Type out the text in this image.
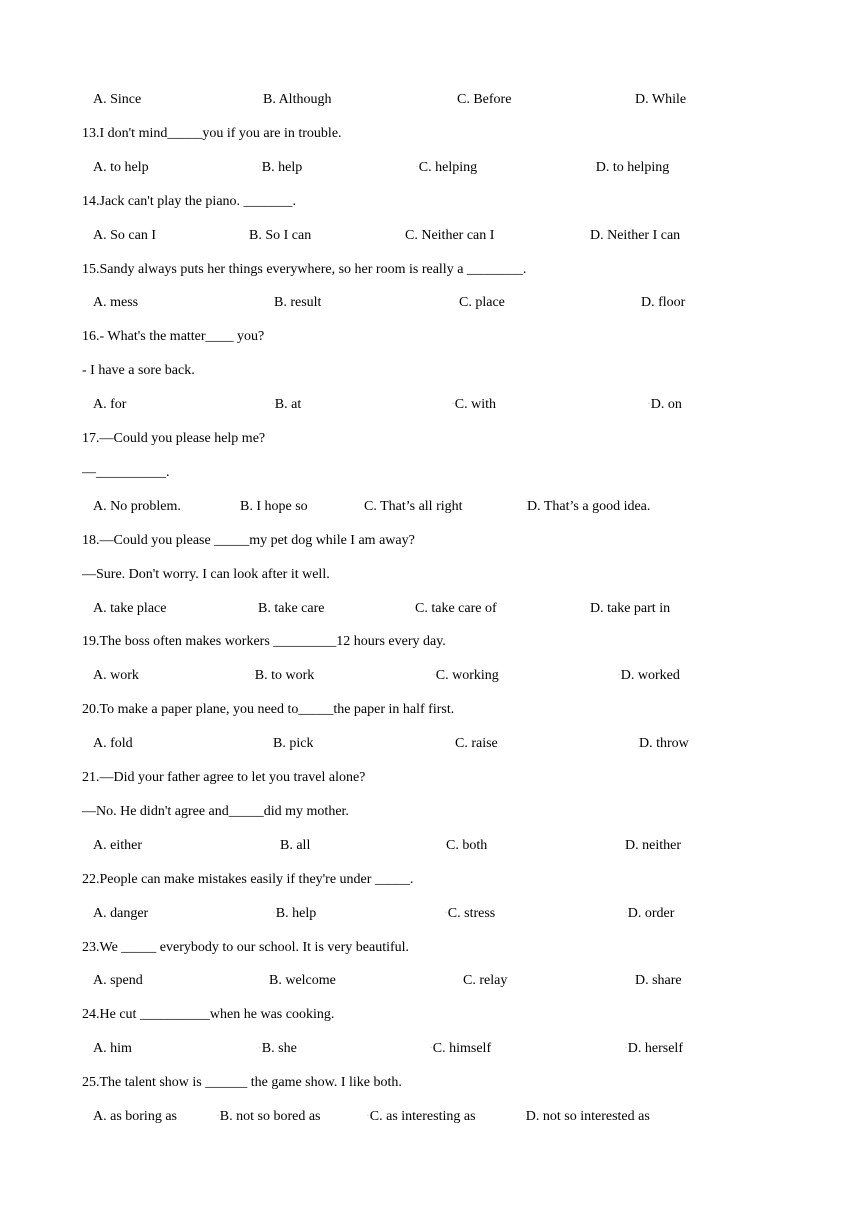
A. Since	B. Although	C. Before	D. While
13.I don't mind_____you if you are in trouble.
A. to help	▫B. help	▫C. helping	▫D. to helping
14.Jack can't play the piano. _______.
A. So can I	B. So I can	C. Neither can I	D. Neither I can
15.Sandy always puts her things everywhere, so her room is really a ________.
A. mess	B. result	C. place	D. floor
16.- What's the matter____ you?
- I have a sore back.
A. for	▫B. at	▫C. with	▫D. on
17.—Could you please help me?
—__________.
A. No problem.	B. I hope so	C. That’s all right	D. That’s a good idea.
18.—Could you please _____my pet dog while I am away?
—Sure. Don't worry. I can look after it well.
A. take place	B. take care	C. take care of	D. take part in
19.The boss often makes workers _________12 hours every day.
A. work	▫B. to work	▫C. working	▫D. worked
20.To make a paper plane, you need to_____the paper in half first.
A. fold	B. pick	C. raise	D. throw
21.—Did your father agree to let you travel alone?
—No. He didn't agree and_____did my mother.
A. either	B. all	C. both	D. neither
22.People can make mistakes easily if they're under _____.
A. danger	▫B. help	▫C. stress	▫D. order
23.We _____ everybody to our school. It is very beautiful.
A. spend	B. welcome	C. relay	D. share
24.He cut __________when he was cooking.
A. him	▫B. she	▫C. himself	▫D. herself
25.The talent show is ______ the game show. I like both.
A. as boring as	▫B. not so bored as	▫C. as interesting as	▫D. not so interested as
